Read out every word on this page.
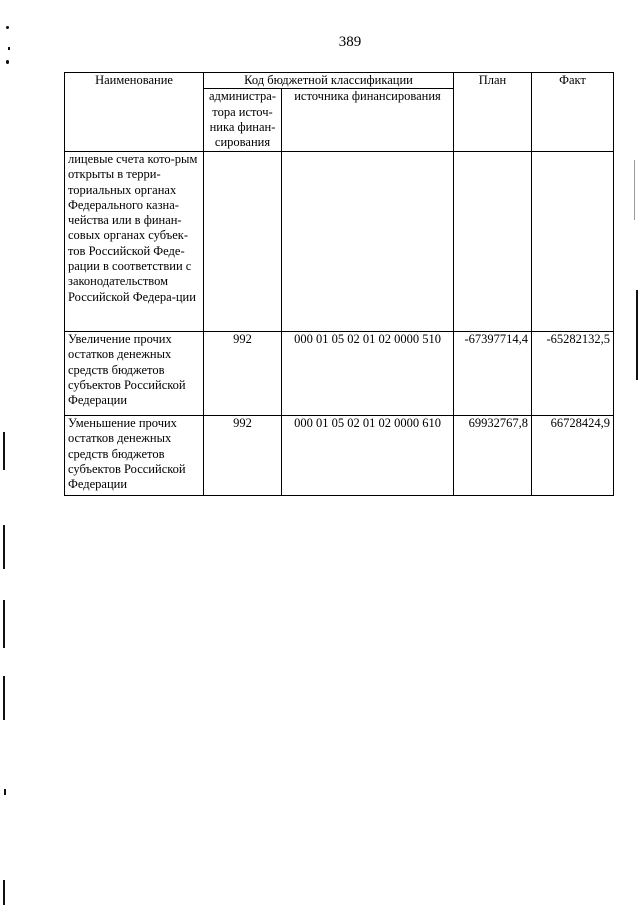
389
Наименование	Код бюджетной классификации		План	Факт
	администра-тора источ-ника финан-сирования	источника финансирования		
лицевые счета кото-рым открыты в терри-ториальных органах Федерального казна-чейства или в финан-совых органах субъек-тов Российской Феде-рации в соответствии с законодательством Российской Федера-ции				
Увеличение прочих остатков денежных средств бюджетов субъектов Российской Федерации	992	000 01 05 02 01 02 0000 510	-67397714,4	-65282132,5
Уменьшение прочих остатков денежных средств бюджетов субъектов Российской Федерации	992	000 01 05 02 01 02 0000 610	69932767,8	66728424,9
